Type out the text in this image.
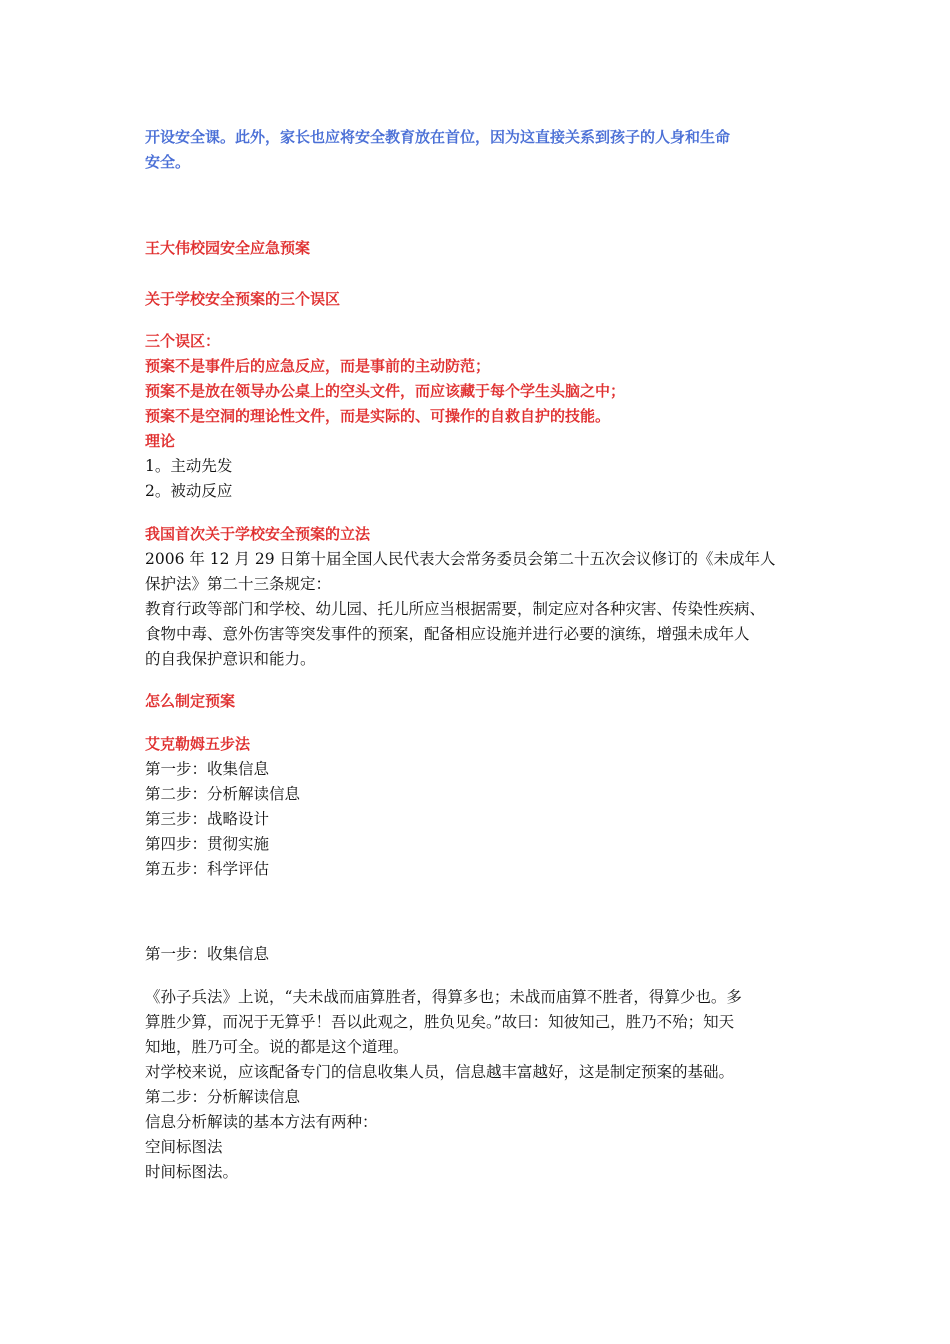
开设安全课。此外，家长也应将安全教育放在首位，因为这直接关系到孩子的人身和生命
安全。
王大伟校园安全应急预案
关于学校安全预案的三个误区
三个误区：
预案不是事件后的应急反应，而是事前的主动防范；
预案不是放在领导办公桌上的空头文件，而应该藏于每个学生头脑之中；
预案不是空洞的理论性文件，而是实际的、可操作的自救自护的技能。
理论
1。主动先发
2。被动反应
我国首次关于学校安全预案的立法
2006 年 12 月 29 日第十届全国人民代表大会常务委员会第二十五次会议修订的《未成年人
保护法》第二十三条规定：
教育行政等部门和学校、幼儿园、托儿所应当根据需要，制定应对各种灾害、传染性疾病、
食物中毒、意外伤害等突发事件的预案，配备相应设施并进行必要的演练，增强未成年人
的自我保护意识和能力。
怎么制定预案
艾克勒姆五步法
第一步：收集信息
第二步：分析解读信息
第三步：战略设计
第四步：贯彻实施
第五步：科学评估
第一步：收集信息
《孙子兵法》上说，“夫未战而庙算胜者，得算多也；未战而庙算不胜者，得算少也。多
算胜少算，而况于无算乎！吾以此观之，胜负见矣。”故曰：知彼知己，胜乃不殆；知天
知地，胜乃可全。说的都是这个道理。
对学校来说，应该配备专门的信息收集人员，信息越丰富越好，这是制定预案的基础。
第二步：分析解读信息
信息分析解读的基本方法有两种：
空间标图法
时间标图法。
